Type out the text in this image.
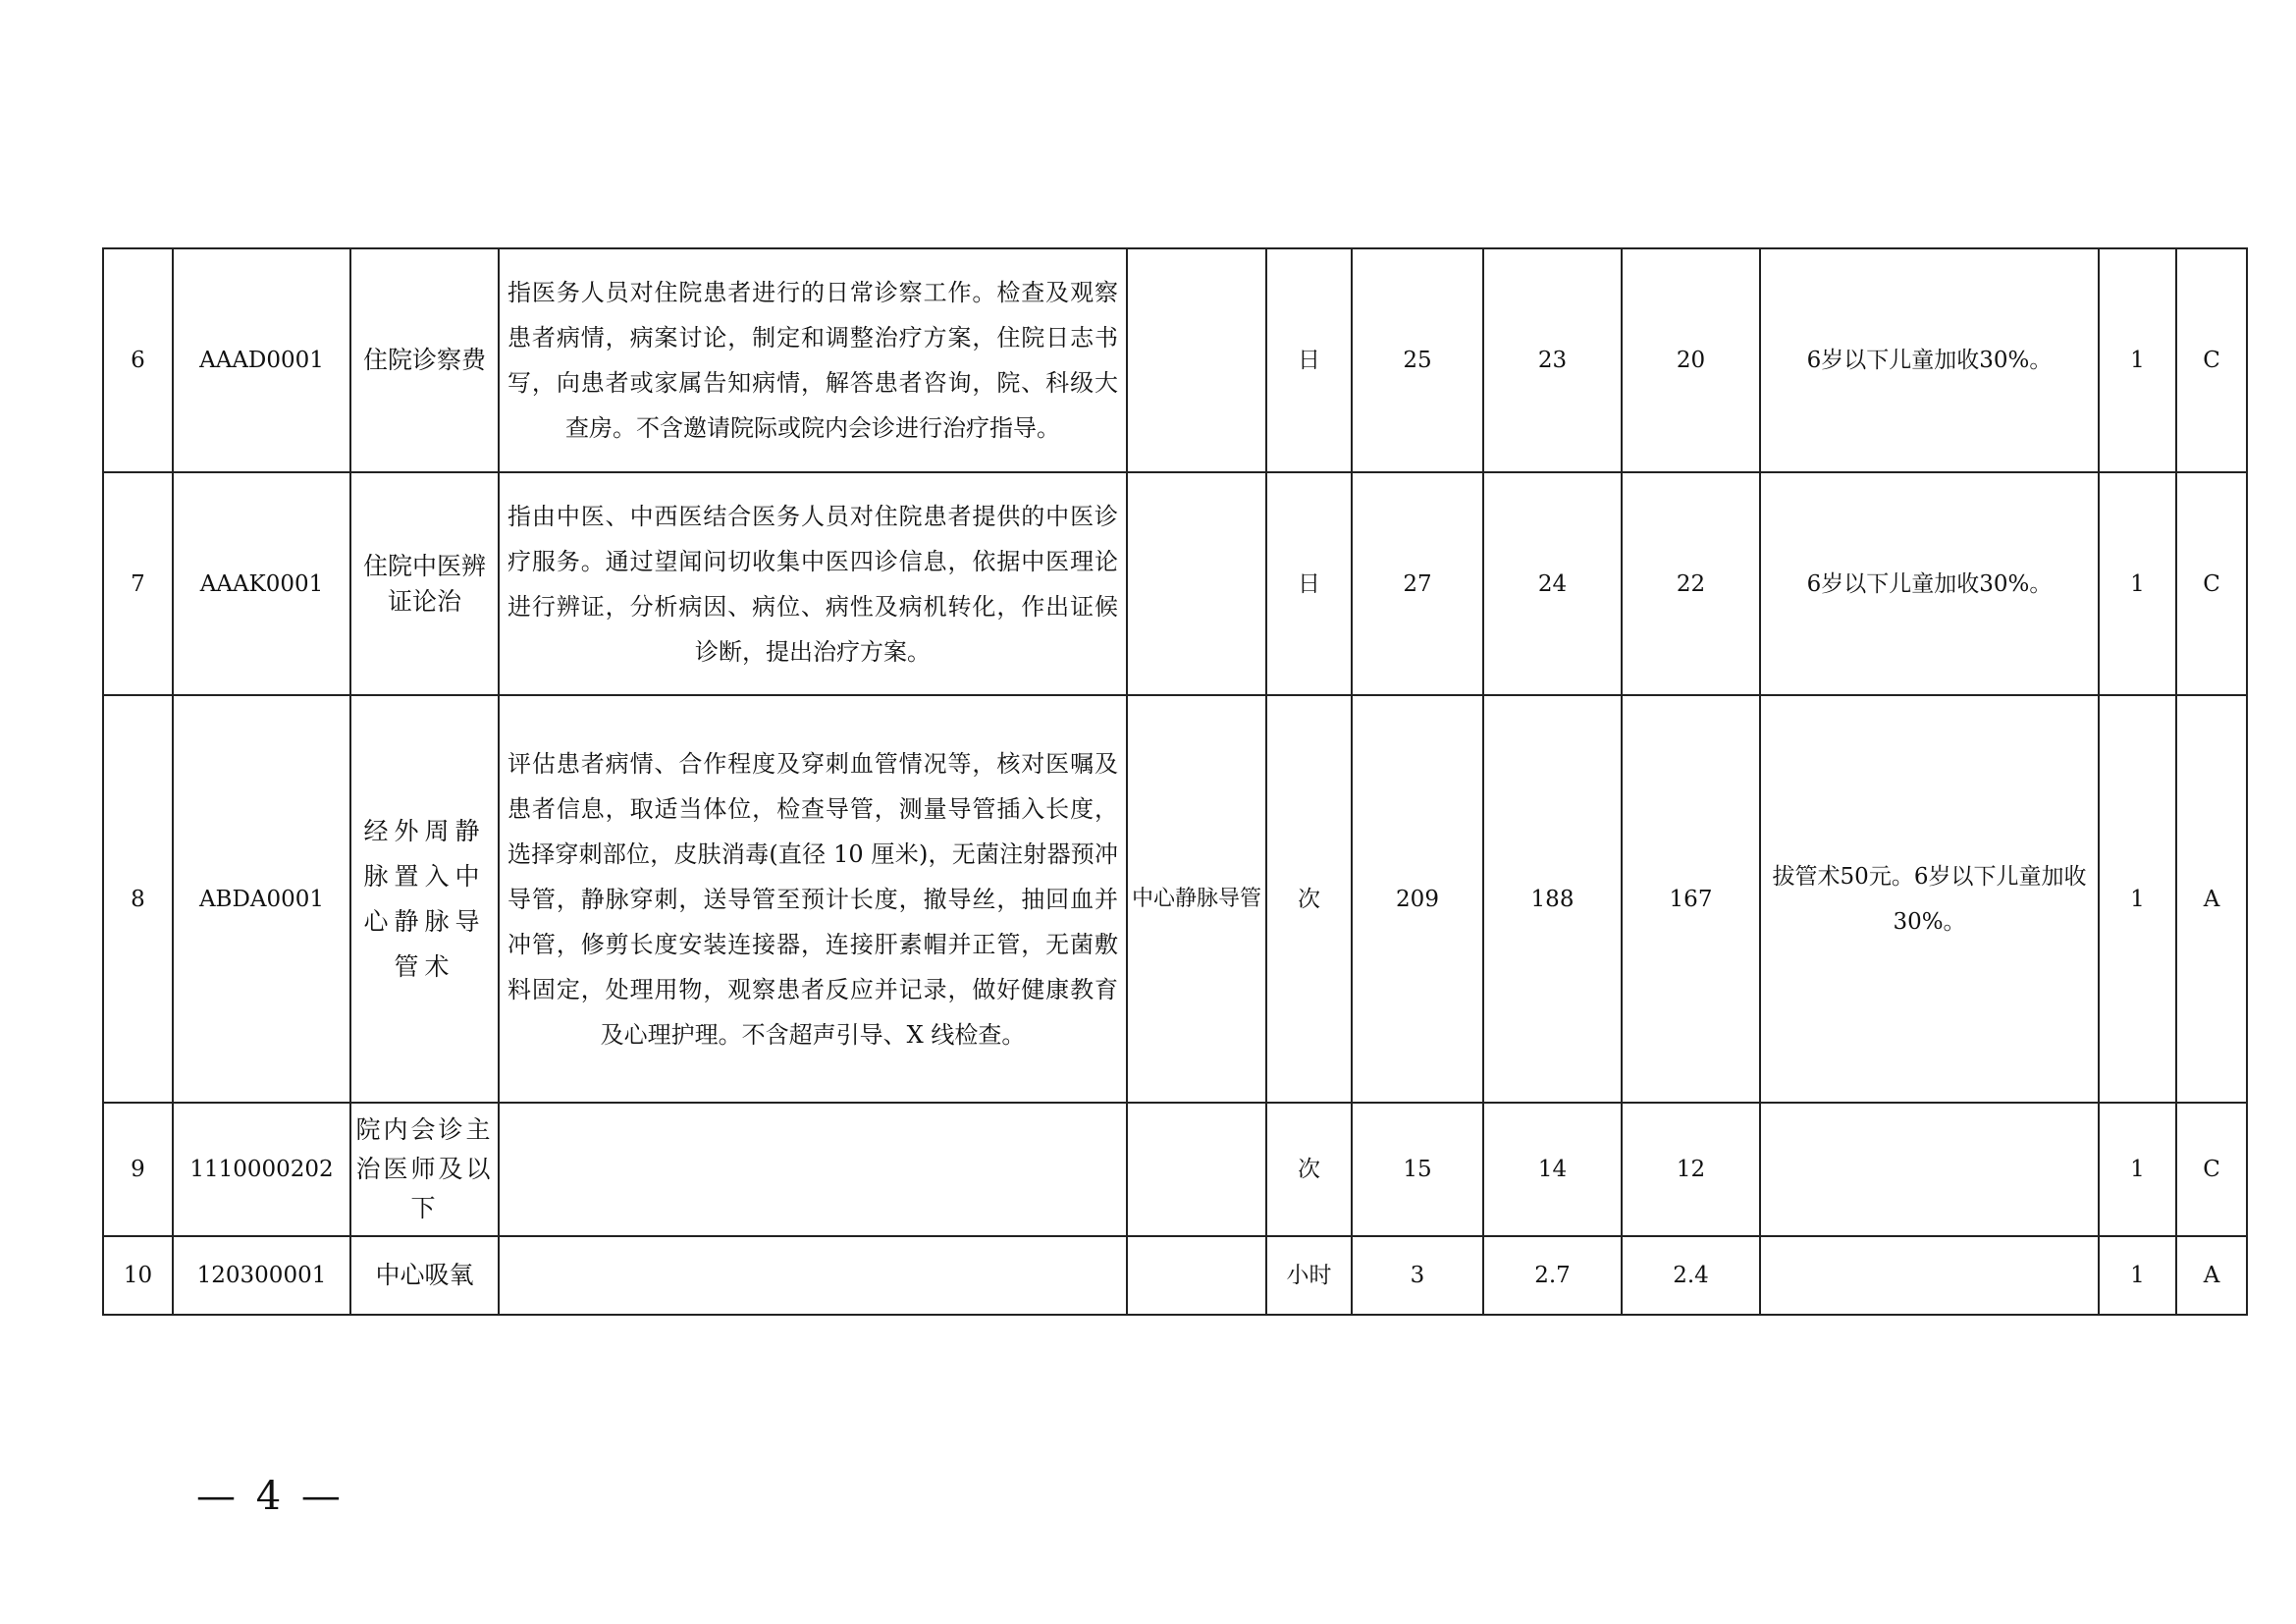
6	AAAD0001	住院诊察费	指医务人员对住院患者进行的日常诊察工作。检查及观察患者病情，病案讨论，制定和调整治疗方案，住院日志书写，向患者或家属告知病情，解答患者咨询，院、科级大查房。不含邀请院际或院内会诊进行治疗指导。		日	25	23	20	6岁以下儿童加收30%。	1	C
7	AAAK0001	住院中医辨证论治	指由中医、中西医结合医务人员对住院患者提供的中医诊疗服务。通过望闻问切收集中医四诊信息，依据中医理论进行辨证，分析病因、病位、病性及病机转化，作出证候诊断，提出治疗方案。		日	27	24	22	6岁以下儿童加收30%。	1	C
8	ABDA0001	经外周静脉置入中心静脉导管术	评估患者病情、合作程度及穿刺血管情况等，核对医嘱及患者信息，取适当体位，检查导管，测量导管插入长度，选择穿刺部位，皮肤消毒(直径 10 厘米)，无菌注射器预冲导管，静脉穿刺，送导管至预计长度，撤导丝，抽回血并冲管，修剪长度安装连接器，连接肝素帽并正管，无菌敷料固定，处理用物，观察患者反应并记录，做好健康教育及心理护理。不含超声引导、X 线检查。	中心静脉导管	次	209	188	167	拔管术50元。6岁以下儿童加收30%。	1	A
9	1110000202	院内会诊主治医师及以下			次	15	14	12		1	C
10	120300001	中心吸氧			小时	3	2.7	2.4		1	A
— 4 —
